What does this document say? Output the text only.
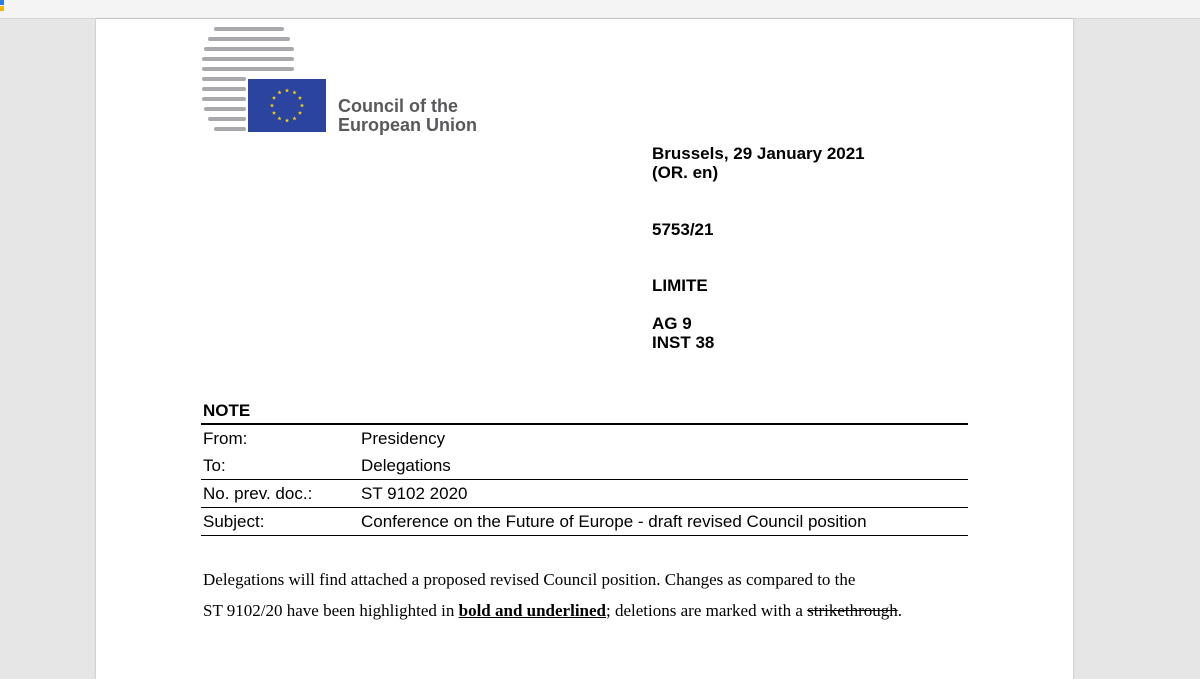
Council of the
European Union
Brussels, 29 January 2021
(OR. en)
5753/21
LIMITE
AG 9
INST 38
NOTE
From:	Presidency
To:	Delegations
No. prev. doc.:	ST 9102 2020
Subject:	Conference on the Future of Europe - draft revised Council position
Delegations will find attached a proposed revised Council position. Changes as compared to the
ST 9102/20 have been highlighted in bold and underlined; deletions are marked with a strikethrough.
